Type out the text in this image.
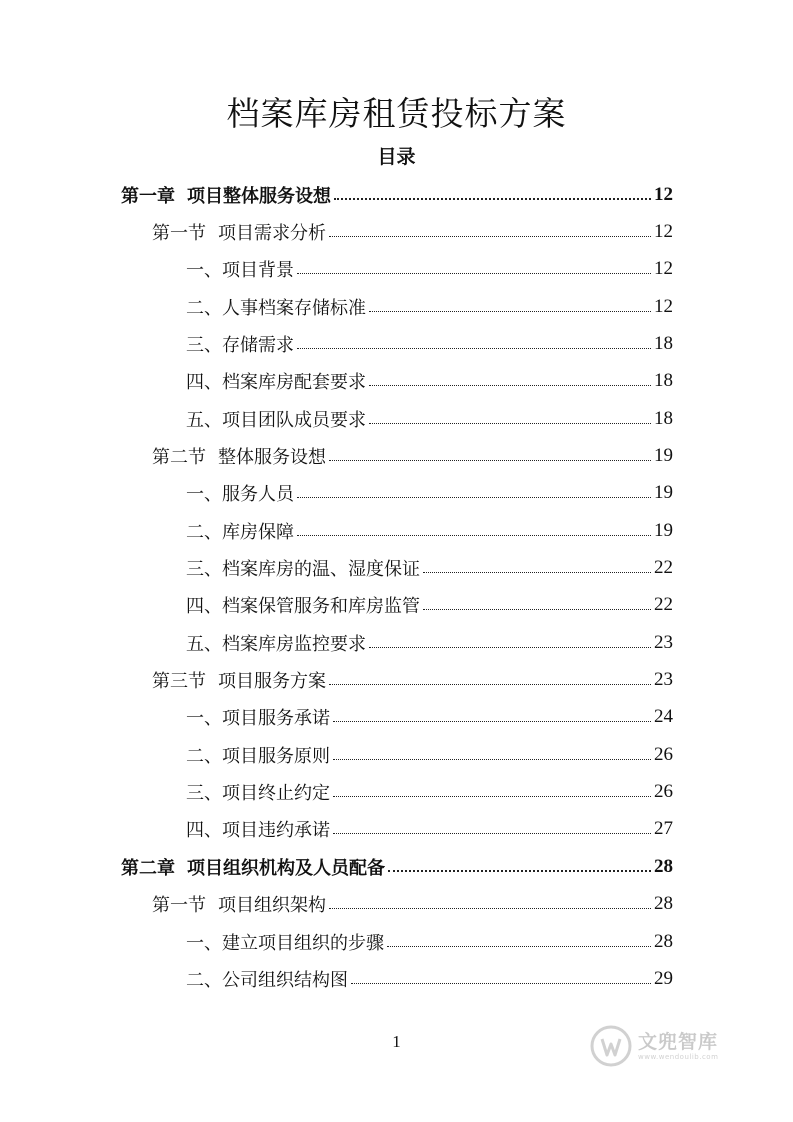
档案库房租赁投标方案
目录
第一章 项目整体服务设想	12
第一节 项目需求分析	12
一、项目背景	12
二、人事档案存储标准	12
三、存储需求	18
四、档案库房配套要求	18
五、项目团队成员要求	18
第二节 整体服务设想	19
一、服务人员	19
二、库房保障	19
三、档案库房的温、湿度保证	22
四、档案保管服务和库房监管	22
五、档案库房监控要求	23
第三节 项目服务方案	23
一、项目服务承诺	24
二、项目服务原则	26
三、项目终止约定	26
四、项目违约承诺	27
第二章 项目组织机构及人员配备	28
第一节 项目组织架构	28
一、建立项目组织的步骤	28
二、公司组织结构图	29
1	文兜智库
www.wendoulib.com
